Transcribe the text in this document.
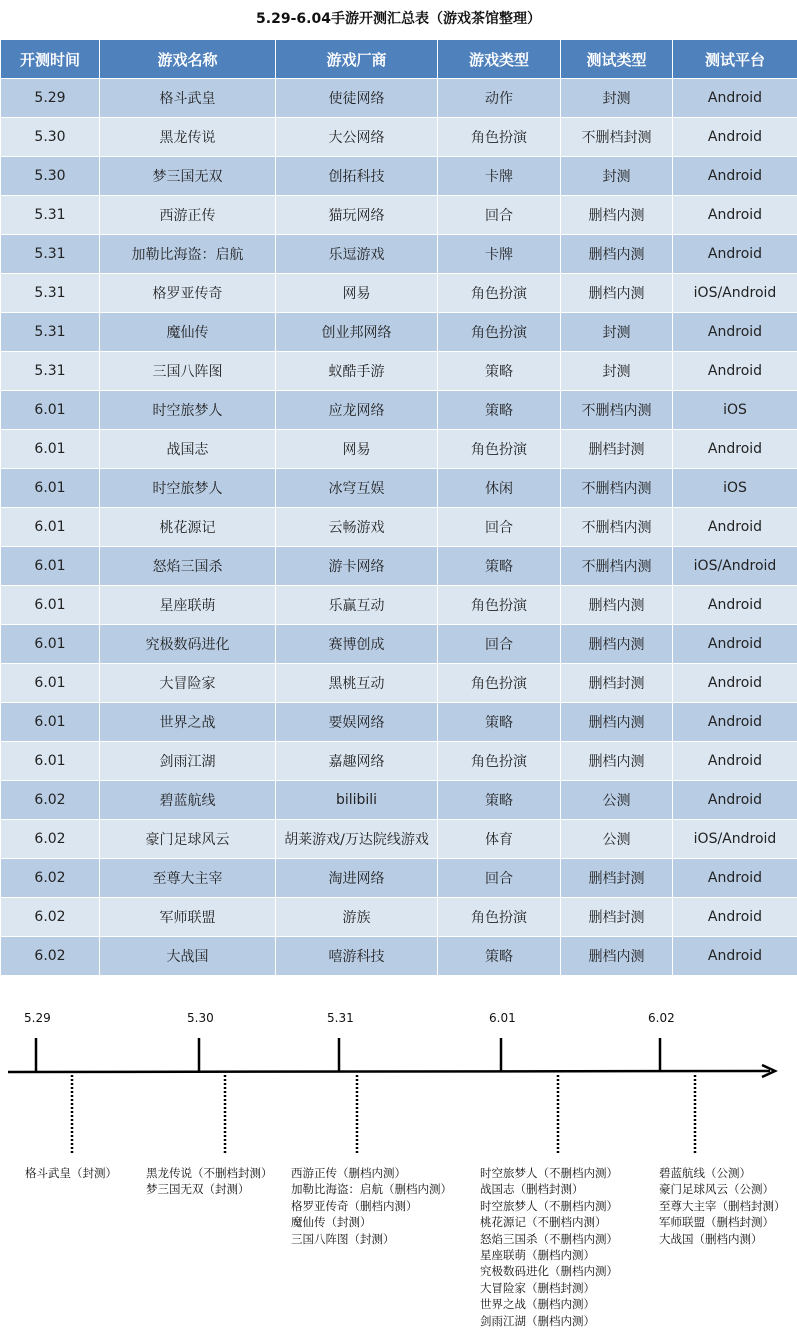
5.29-6.04手游开测汇总表（游戏茶馆整理）
开测时间	游戏名称	游戏厂商	游戏类型	测试类型	测试平台
5.29	格斗武皇	使徒网络	动作	封测	Android
5.30	黑龙传说	大公网络	角色扮演	不删档封测	Android
5.30	梦三国无双	创拓科技	卡牌	封测	Android
5.31	西游正传	猫玩网络	回合	删档内测	Android
5.31	加勒比海盗：启航	乐逗游戏	卡牌	删档内测	Android
5.31	格罗亚传奇	网易	角色扮演	删档内测	iOS/Android
5.31	魔仙传	创业邦网络	角色扮演	封测	Android
5.31	三国八阵图	蚁酷手游	策略	封测	Android
6.01	时空旅梦人	应龙网络	策略	不删档内测	iOS
6.01	战国志	网易	角色扮演	删档封测	Android
6.01	时空旅梦人	冰穹互娱	休闲	不删档内测	iOS
6.01	桃花源记	云畅游戏	回合	不删档内测	Android
6.01	怒焰三国杀	游卡网络	策略	不删档内测	iOS/Android
6.01	星座联萌	乐赢互动	角色扮演	删档内测	Android
6.01	究极数码进化	赛博创成	回合	删档内测	Android
6.01	大冒险家	黑桃互动	角色扮演	删档封测	Android
6.01	世界之战	要娱网络	策略	删档内测	Android
6.01	剑雨江湖	嘉趣网络	角色扮演	删档内测	Android
6.02	碧蓝航线	bilibili	策略	公测	Android
6.02	豪门足球风云	胡莱游戏/万达院线游戏	体育	公测	iOS/Android
6.02	至尊大主宰	淘进网络	回合	删档封测	Android
6.02	军师联盟	游族	角色扮演	删档封测	Android
6.02	大战国	嘻游科技	策略	删档内测	Android
5.29
格斗武皇（封测）
5.30
黑龙传说（不删档封测）
梦三国无双（封测）
5.31
西游正传（删档内测）
加勒比海盗：启航（删档内测）
格罗亚传奇（删档内测）
魔仙传（封测）
三国八阵图（封测）
6.01
时空旅梦人（不删档内测）
战国志（删档封测）
时空旅梦人（不删档内测）
桃花源记（不删档内测）
怒焰三国杀（不删档内测）
星座联萌（删档内测）
究极数码进化（删档内测）
大冒险家（删档封测）
世界之战（删档内测）
剑雨江湖（删档内测）
6.02
碧蓝航线（公测）
豪门足球风云（公测）
至尊大主宰（删档封测）
军师联盟（删档封测）
大战国（删档内测）
